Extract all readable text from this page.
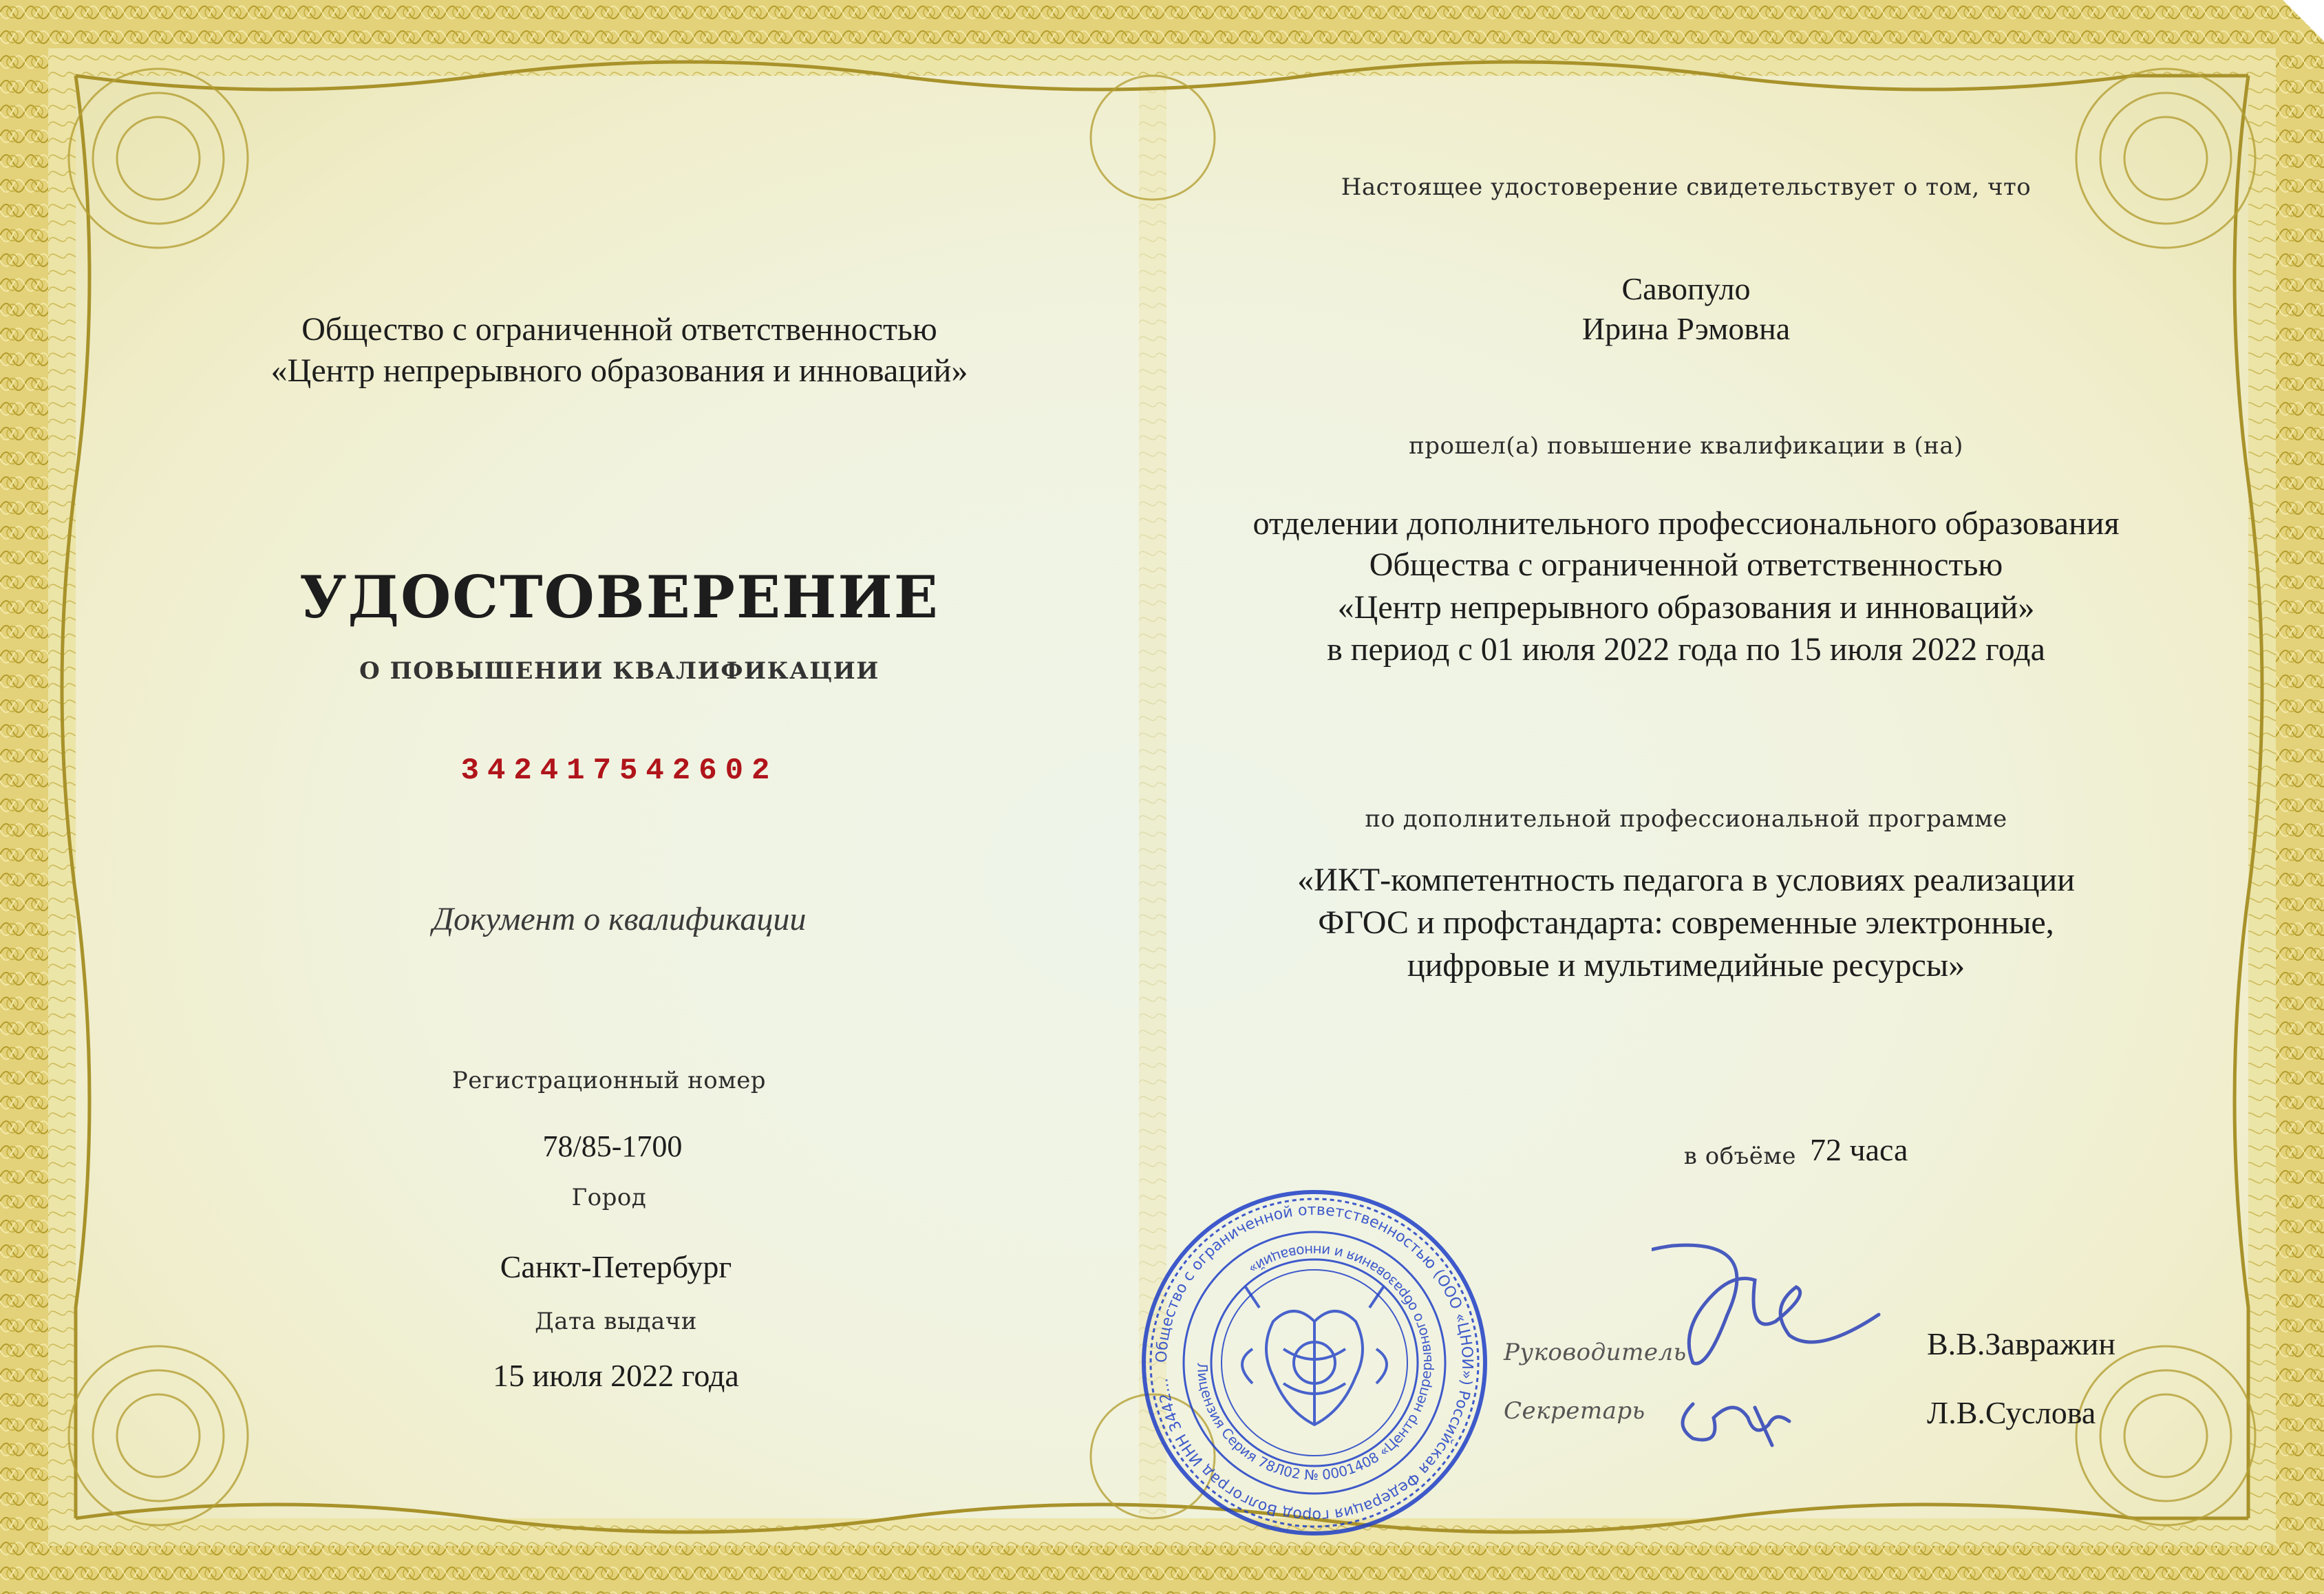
Общество с ограниченной ответственностью
«Центр непрерывного образования и инноваций»
УДОСТОВЕРЕНИЕ
О ПОВЫШЕНИИ КВАЛИФИКАЦИИ
342417542602
Документ о квалификации
Регистрационный номер
78/85-1700
Город
Санкт-Петербург
Дата выдачи
15 июля 2022 года
Настоящее удостоверение свидетельствует о том, что
Савопуло
Ирина Рэмовна
прошел(а) повышение квалификации в (на)
отделении дополнительного профессионального образования
Общества с ограниченной ответственностью
«Центр непрерывного образования и инноваций»
в период с 01 июля 2022 года по 15 июля 2022 года
по дополнительной профессиональной программе
«ИКТ-компетентность педагога в условиях реализации
ФГОС и профстандарта: современные электронные,
цифровые и мультимедийные ресурсы»
в объёме 72 часа
Руководитель	В.В.Завражин
Секретарь	Л.В.Суслова
Общество с ограниченной ответственностью (ООО «ЦНОИ») Российская Федерация город Волгоград ИНН 3442...
Лицензия Серия 78Л02 № 0001408 «Центр непрерывного образования и инноваций»
